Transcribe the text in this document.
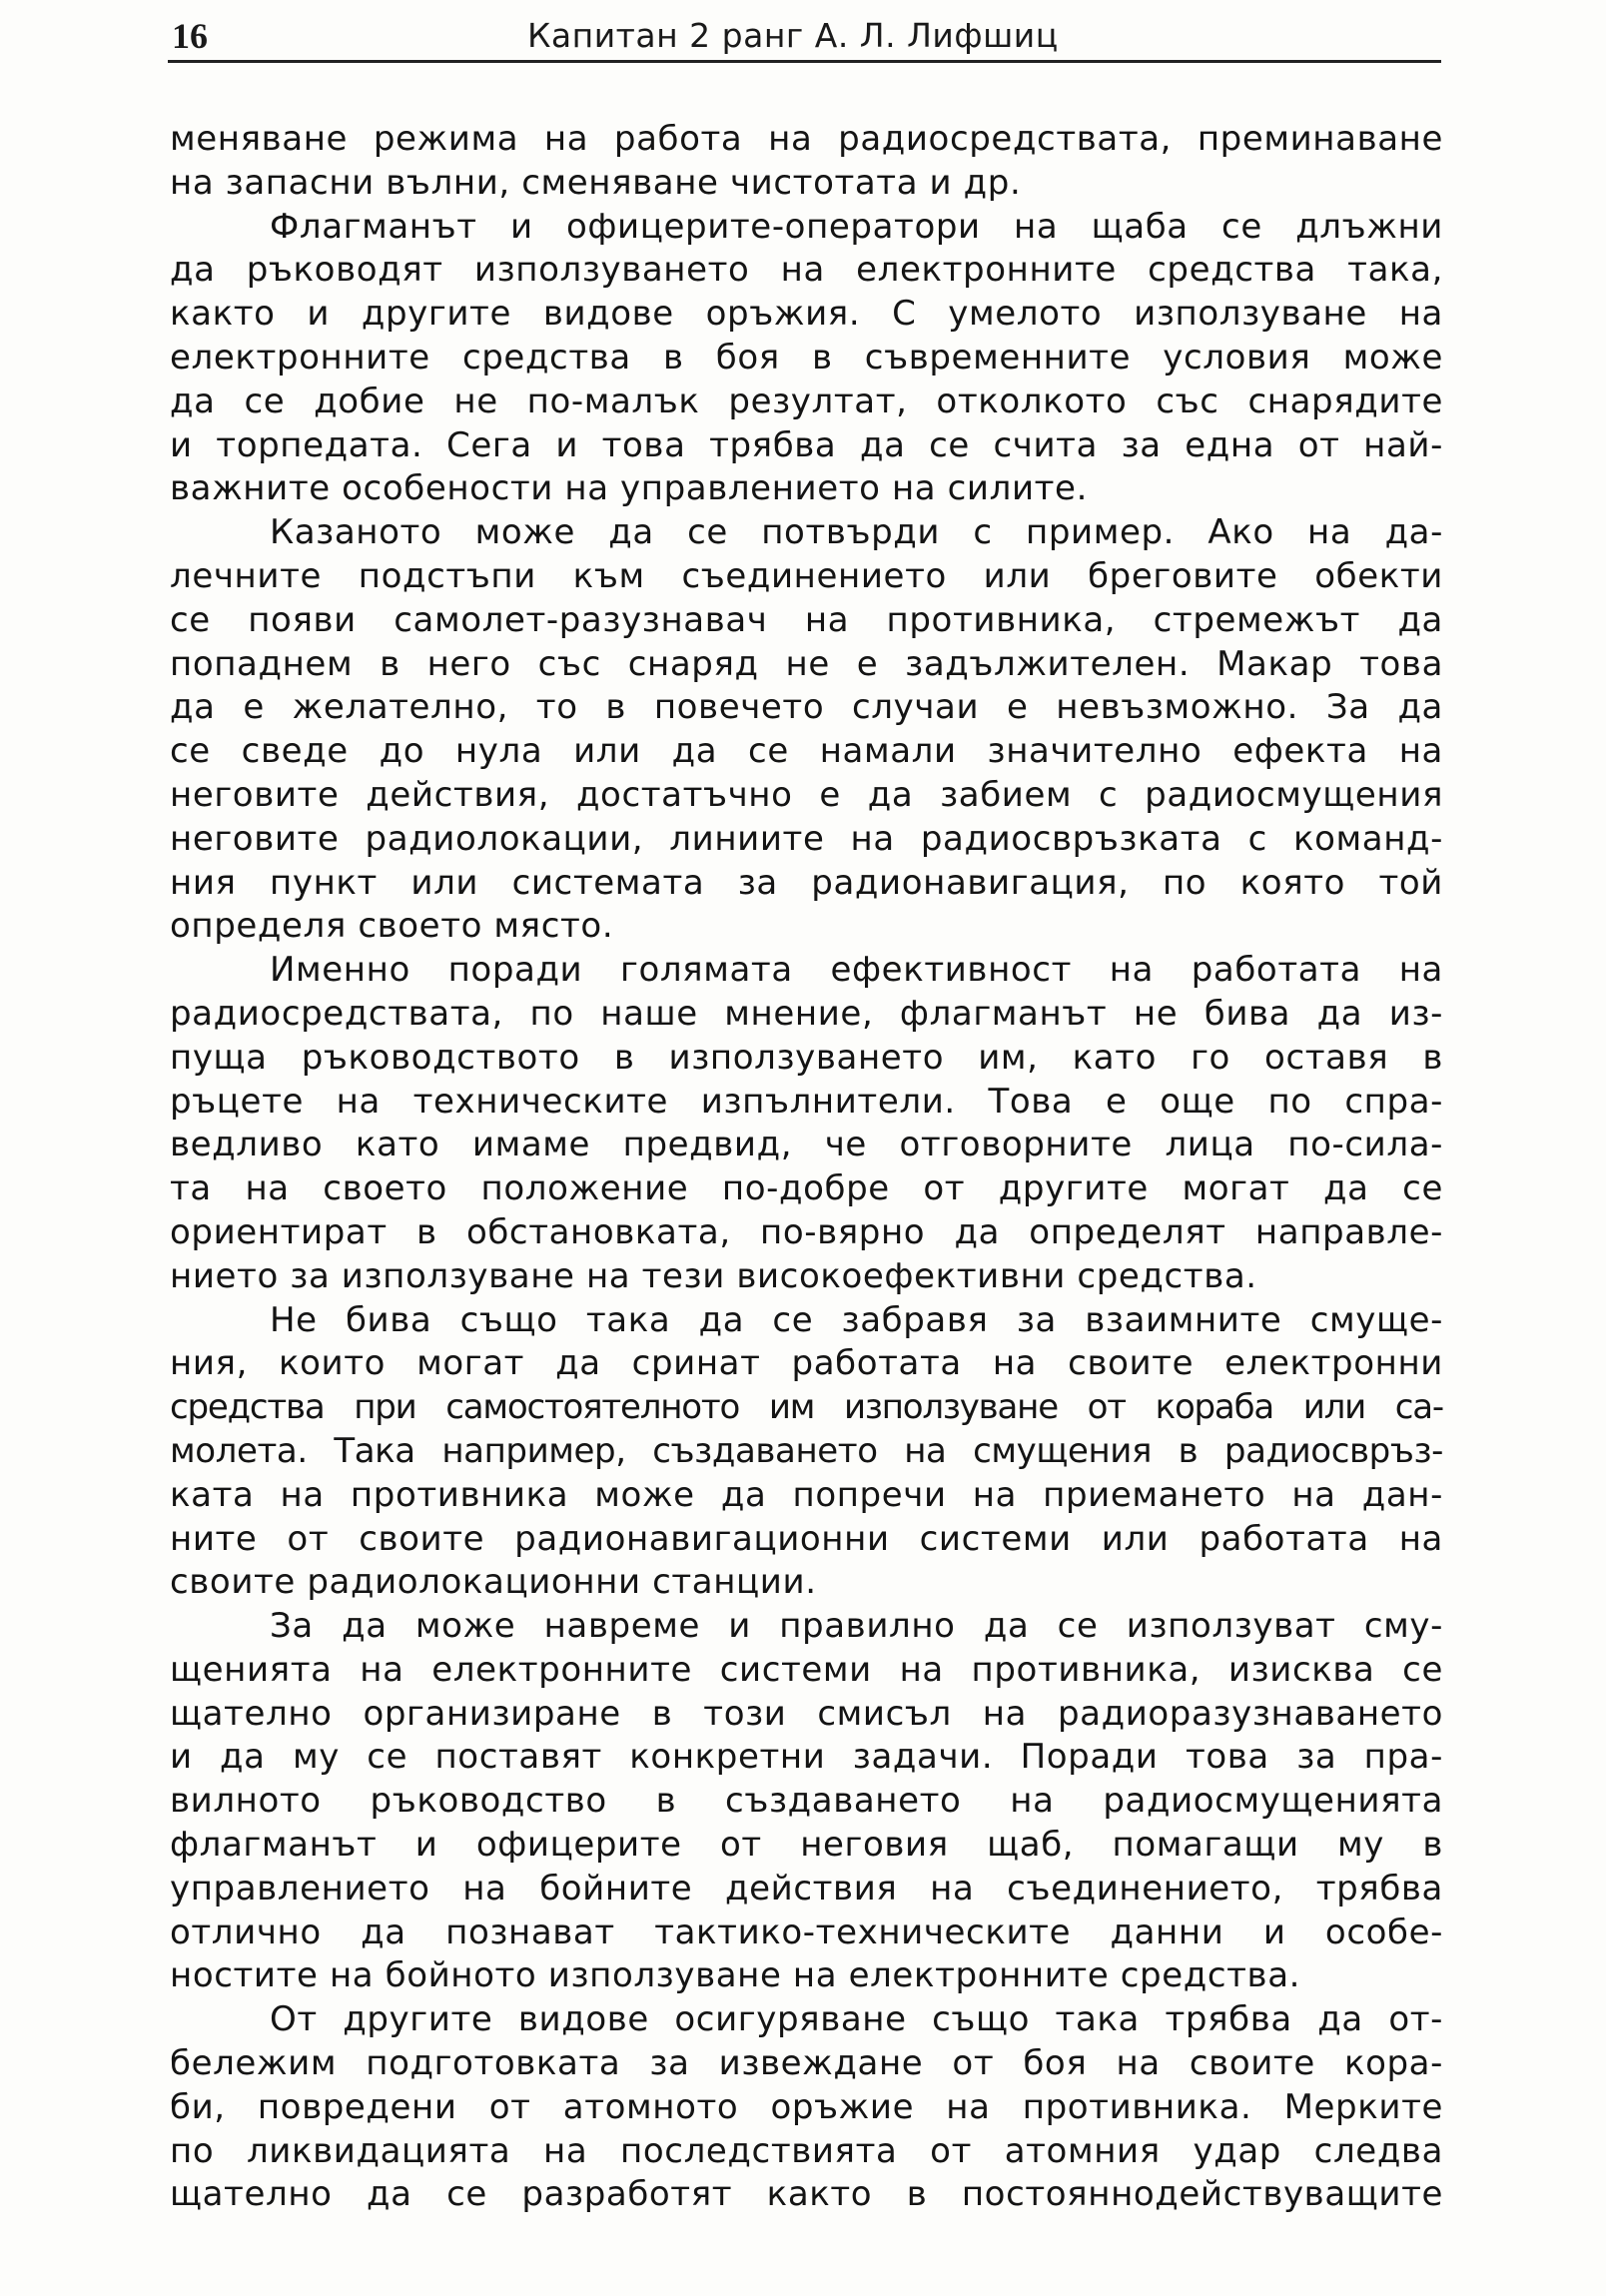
16	Капитан 2 ранг А. Л. Лифшиц

меняване режима на работа на радиосредствата, преминаване
на запасни вълни, сменяване чистотата и др.

Флагманът и офицерите-оператори на щаба се длъжни
да ръководят използуването на електронните средства така,
както и другите видове оръжия. С умелото използуване на
електронните средства в боя в съвременните условия може
да се добие не по-малък резултат, отколкото със снарядите
и торпедата. Сега и това трябва да се счита за една от най-
важните особености на управлението на силите.

Казаното може да се потвърди с пример. Ако на да-
лечните подстъпи към съединението или бреговите обекти
се появи самолет-разузнавач на противника, стремежът да
попаднем в него със снаряд не е задължителен. Макар това
да е желателно, то в повечето случаи е невъзможно. За да
се сведе до нула или да се намали значително ефекта на
неговите действия, достатъчно е да забием с радиосмущения
неговите радиолокации, линиите на радиосвръзката с команд-
ния пункт или системата за радионавигация, по която той
определя своето място.

Именно поради голямата ефективност на работата на
радиосредствата, по наше мнение, флагманът не бива да из-
пуща ръководството в използуването им, като го оставя в
ръцете на техническите изпълнители. Това е още по спра-
ведливо като имаме предвид, че отговорните лица по-сила-
та на своето положение по-добре от другите могат да се
ориентират в обстановката, по-вярно да определят направле-
нието за използуване на тези високоефективни средства.

Не бива също така да се забравя за взаимните смуще-
ния, които могат да сринат работата на своите електронни
средства при самостоятелното им използуване от кораба или са-
молета. Така например, създаването на смущения в радиосвръз-
ката на противника може да попречи на приемането на дан-
ните от своите радионавигационни системи или работата на
своите радиолокационни станции.

За да може навреме и правилно да се използуват сму-
щенията на електронните системи на противника, изисква се
щателно организиране в този смисъл на радиоразузнаването
и да му се поставят конкретни задачи. Поради това за пра-
вилното ръководство в създаването на радиосмущенията
флагманът и офицерите от неговия щаб, помагащи му в
управлението на бойните действия на съединението, трябва
отлично да познават тактико-техническите данни и особе-
ностите на бойното използуване на електронните средства.

От другите видове осигуряване също така трябва да от-
бележим подготовката за извеждане от боя на своите кора-
би, повредени от атомното оръжие на противника. Мерките
по ликвидацията на последствията от атомния удар следва
щателно да се разработят както в постояннодействуващите
